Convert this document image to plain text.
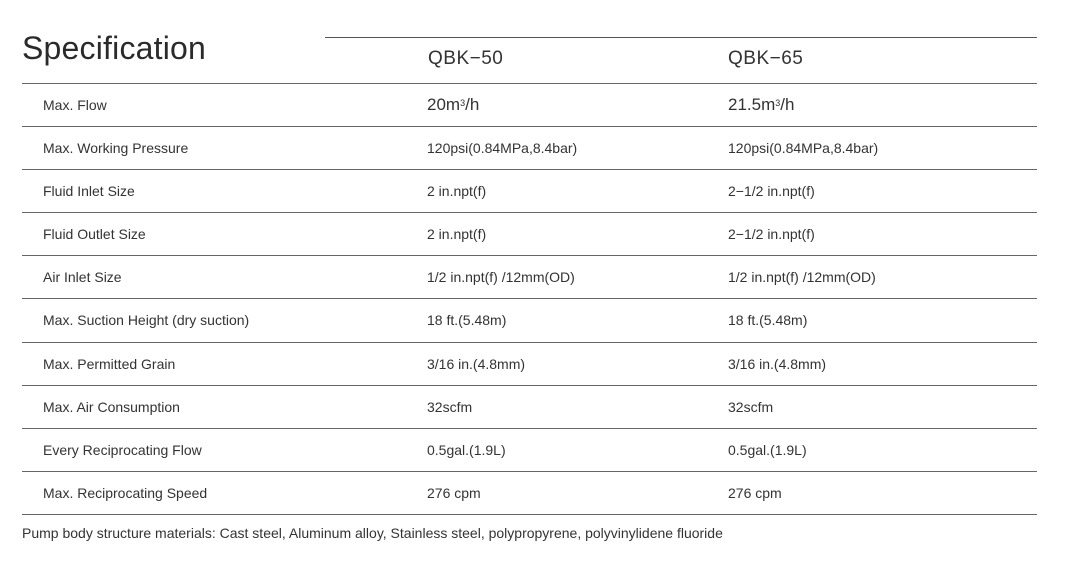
Specification	QBK−50	QBK−65
Max. Flow	$20m^3$ /h	$21.5m^3$ /h
Max. Working Pressure	120psi(0.84MPa,8.4bar)	120psi(0.84MPa,8.4bar)
Fluid Inlet Size	2 in.npt(f)	2−1/2 in.npt(f)
Fluid Outlet Size	2 in.npt(f)	2−1/2 in.npt(f)
Air Inlet Size	1/2 in.npt(f) /12mm(OD)	1/2 in.npt(f) /12mm(OD)
Max. Suction Height (dry suction)	18 ft.(5.48m)	18 ft.(5.48m)
Max. Permitted Grain	3/16 in.(4.8mm)	3/16 in.(4.8mm)
Max. Air Consumption	32scfm	32scfm
Every Reciprocating Flow	0.5gal.(1.9L)	0.5gal.(1.9L)
Max. Reciprocating Speed	276 cpm	276 cpm
Pump body structure materials: Cast steel, Aluminum alloy, Stainless steel, polypropyrene, polyvinylidene fluoride
